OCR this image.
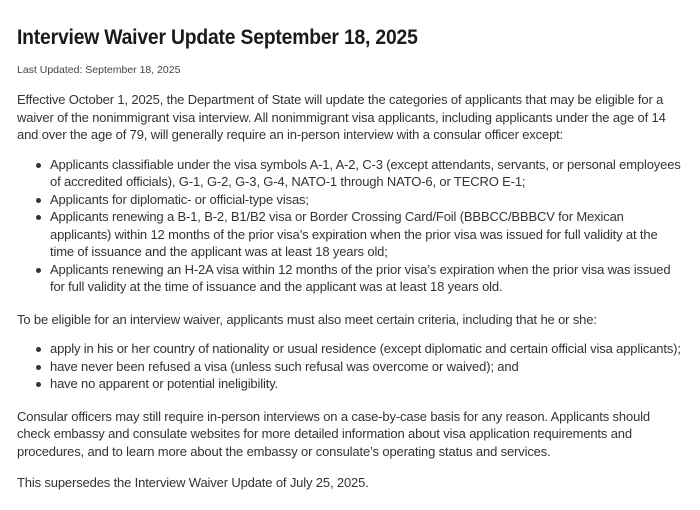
Interview Waiver Update September 18, 2025

Last Updated: September 18, 2025

Effective October 1, 2025, the Department of State will update the categories of applicants that may be eligible for a waiver of the nonimmigrant visa interview. All nonimmigrant visa applicants, including applicants under the age of 14 and over the age of 79, will generally require an in-person interview with a consular officer except:

Applicants classifiable under the visa symbols A-1, A-2, C-3 (except attendants, servants, or personal employees of accredited officials), G-1, G-2, G-3, G-4, NATO-1 through NATO-6, or TECRO E-1;
Applicants for diplomatic- or official-type visas;
Applicants renewing a B-1, B-2, B1/B2 visa or Border Crossing Card/Foil (BBBCC/BBBCV for Mexican applicants) within 12 months of the prior visa’s expiration when the prior visa was issued for full validity at the time of issuance and the applicant was at least 18 years old;
Applicants renewing an H-2A visa within 12 months of the prior visa’s expiration when the prior visa was issued for full validity at the time of issuance and the applicant was at least 18 years old.

To be eligible for an interview waiver, applicants must also meet certain criteria, including that he or she:

apply in his or her country of nationality or usual residence (except diplomatic and certain official visa applicants);
have never been refused a visa (unless such refusal was overcome or waived); and
have no apparent or potential ineligibility.

Consular officers may still require in-person interviews on a case-by-case basis for any reason. Applicants should check embassy and consulate websites for more detailed information about visa application requirements and procedures, and to learn more about the embassy or consulate’s operating status and services.

This supersedes the Interview Waiver Update of July 25, 2025.
